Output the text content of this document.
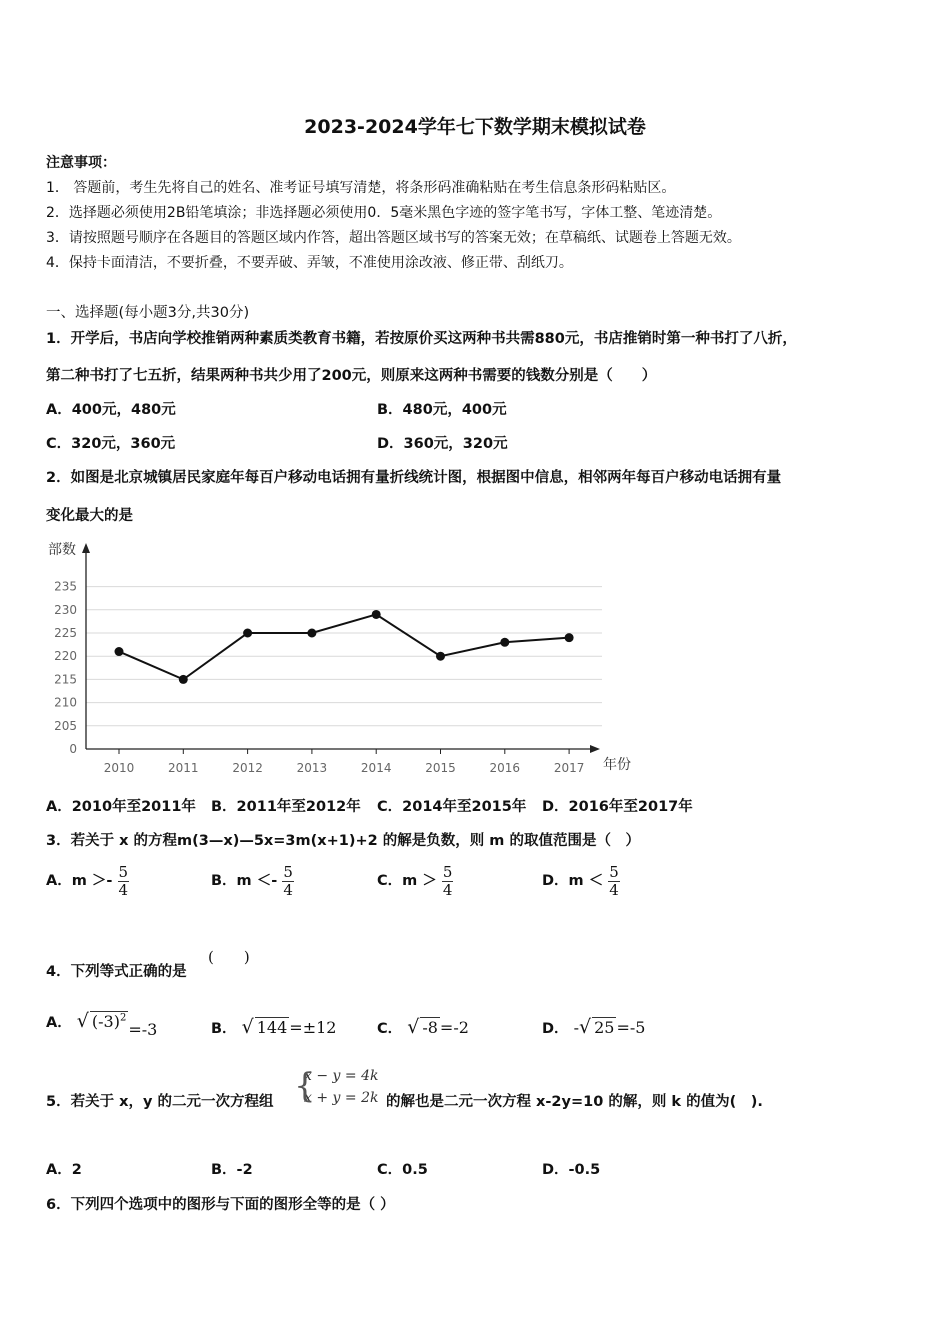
2023-2024学年七下数学期末模拟试卷
注意事项：
1． 答题前，考生先将自己的姓名、准考证号填写清楚，将条形码准确粘贴在考生信息条形码粘贴区。
2．选择题必须使用2B铅笔填涂；非选择题必须使用0．5毫米黑色字迹的签字笔书写，字体工整、笔迹清楚。
3．请按照题号顺序在各题目的答题区域内作答，超出答题区域书写的答案无效；在草稿纸、试题卷上答题无效。
4．保持卡面清洁，不要折叠，不要弄破、弄皱，不准使用涂改液、修正带、刮纸刀。
一、选择题(每小题3分,共30分)
1．开学后，书店向学校推销两种素质类教育书籍，若按原价买这两种书共需880元，书店推销时第一种书打了八折，
第二种书打了七五折，结果两种书共少用了200元，则原来这两种书需要的钱数分别是（　　）
A．400元，480元	B．480元，400元
C．320元，360元	D．360元，320元
2．如图是北京城镇居民家庭年每百户移动电话拥有量折线统计图，根据图中信息，相邻两年每百户移动电话拥有量
变化最大的是
0
205
210
215
220
225
230
235
2010	2011	2012	2013	2014	2015	2016	2017
部数
年份
A．2010年至2011年 B．2011年至2012年 C．2014年至2015年 D．2016年至2017年
3．若关于 x 的方程m(3—x)—5x=3m(x+1)+2 的解是负数，则 m 的取值范围是（　）
A．$m >- \frac{5}{4}$	B．$m <- \frac{5}{4}$	C．$m > \frac{5}{4}$	D．$m < \frac{5}{4}$
4．下列等式正确的是
(　　)
A． √ $(-3)^2=-3$	B． √ 144 =±12	C． √ -8 =-2	D． -√ 25 =-5
5．若关于 x，y 的二元一次方程组 {
x − y = 4k
x + y = 2k 的解也是二元一次方程 x-2y=10 的解，则 k 的值为(　).
A．2	B．-2	C．0.5	D．-0.5
6．下列四个选项中的图形与下面的图形全等的是（ ）
